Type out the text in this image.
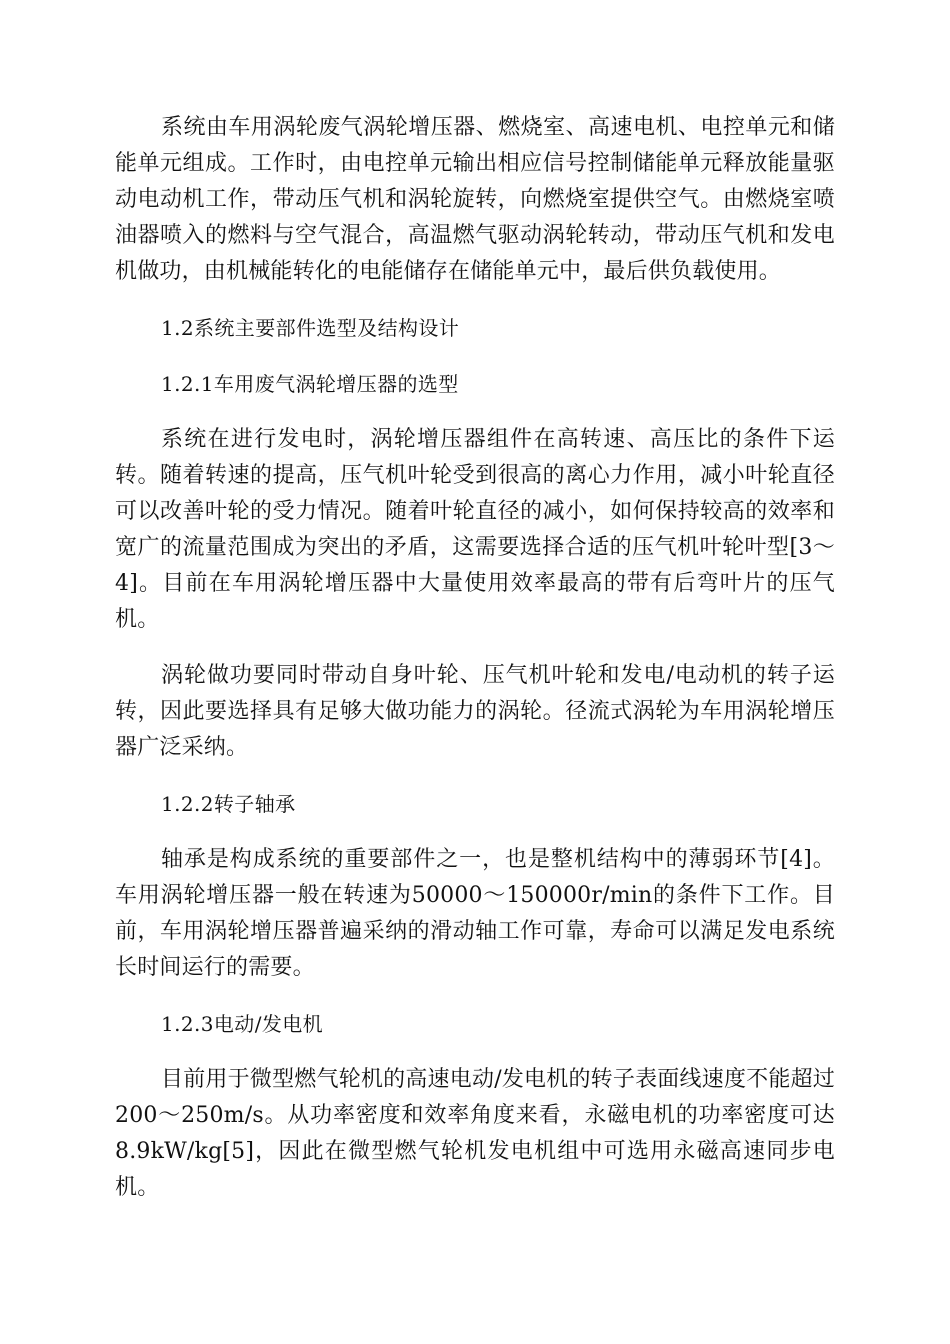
系统由车用涡轮废气涡轮增压器、燃烧室、高速电机、电控单元和储能单元组成。工作时，由电控单元输出相应信号控制储能单元释放能量驱动电动机工作，带动压气机和涡轮旋转，向燃烧室提供空气。由燃烧室喷油器喷入的燃料与空气混合，高温燃气驱动涡轮转动，带动压气机和发电机做功，由机械能转化的电能储存在储能单元中，最后供负载使用。

1.2系统主要部件选型及结构设计

1.2.1车用废气涡轮增压器的选型

系统在进行发电时，涡轮增压器组件在高转速、高压比的条件下运转。随着转速的提高，压气机叶轮受到很高的离心力作用，减小叶轮直径可以改善叶轮的受力情况。随着叶轮直径的减小，如何保持较高的效率和宽广的流量范围成为突出的矛盾，这需要选择合适的压气机叶轮叶型[3～4]。目前在车用涡轮增压器中大量使用效率最高的带有后弯叶片的压气机。

涡轮做功要同时带动自身叶轮、压气机叶轮和发电/电动机的转子运转，因此要选择具有足够大做功能力的涡轮。径流式涡轮为车用涡轮增压器广泛采纳。

1.2.2转子轴承

轴承是构成系统的重要部件之一，也是整机结构中的薄弱环节[4]。车用涡轮增压器一般在转速为50000～150000r/min的条件下工作。目前，车用涡轮增压器普遍采纳的滑动轴工作可靠，寿命可以满足发电系统长时间运行的需要。

1.2.3电动/发电机

目前用于微型燃气轮机的高速电动/发电机的转子表面线速度不能超过200～250m/s。从功率密度和效率角度来看，永磁电机的功率密度可达8.9kW/kg[5]，因此在微型燃气轮机发电机组中可选用永磁高速同步电机。
